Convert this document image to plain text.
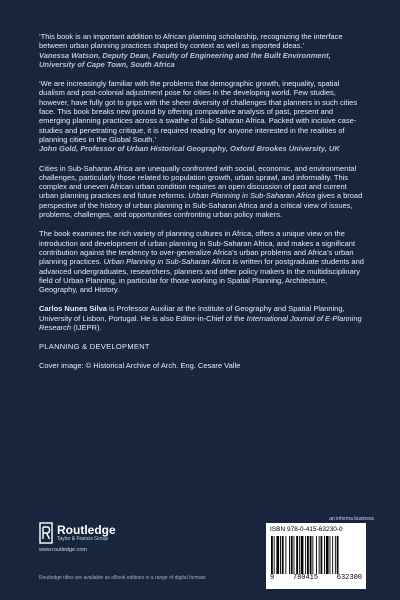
‘This book is an important addition to African planning scholarship, recognizing the interface between urban planning practices shaped by context as well as imported ideas.’

Vanessa Watson, Deputy Dean, Faculty of Engineering and the Built Environment, University of Cape Town, South Africa

‘We are increasingly familiar with the problems that demographic growth, inequality, spatial dualism and post-colonial adjustment pose for cities in the developing world. Few studies, however, have fully got to grips with the sheer diversity of challenges that planners in such cities face. This book breaks new ground by offering comparative analysis of past, present and emerging planning practices across a swathe of Sub-Saharan Africa. Packed with incisive case-studies and penetrating critique, it is required reading for anyone interested in the realities of planning cities in the Global South.’

John Gold, Professor of Urban Historical Geography, Oxford Brookes University, UK

Cities in Sub-Saharan Africa are unequally confronted with social, economic, and environmental challenges, particularly those related to population growth, urban sprawl, and informality. This complex and uneven African urban condition requires an open discussion of past and current urban planning practices and future reforms. Urban Planning in Sub-Saharan Africa gives a broad perspective of the history of urban planning in Sub-Saharan Africa and a critical view of issues, problems, challenges, and opportunities confronting urban policy makers.

The book examines the rich variety of planning cultures in Africa, offers a unique view on the introduction and development of urban planning in Sub-Saharan Africa, and makes a significant contribution against the tendency to over-generalize Africa’s urban problems and Africa’s urban planning practices. Urban Planning in Sub-Saharan Africa is written for postgraduate students and advanced undergraduates, researchers, planners and other policy makers in the multidisciplinary field of Urban Planning, in particular for those working in Spatial Planning, Architecture, Geography, and History.

Carlos Nunes Silva is Professor Auxiliar at the Institute of Geography and Spatial Planning, University of Lisbon, Portugal. He is also Editor-in-Chief of the International Journal of E-Planning Research (IJEPR).

PLANNING & DEVELOPMENT

Cover image: © Historical Archive of Arch. Eng. Cesare Valle

Routledge
Taylor & Francis Group
www.routledge.com
Routledge titles are available as eBook editions in a range of digital formats
an informa business
ISBN 978-0-415-63230-0
9	780415	632300
